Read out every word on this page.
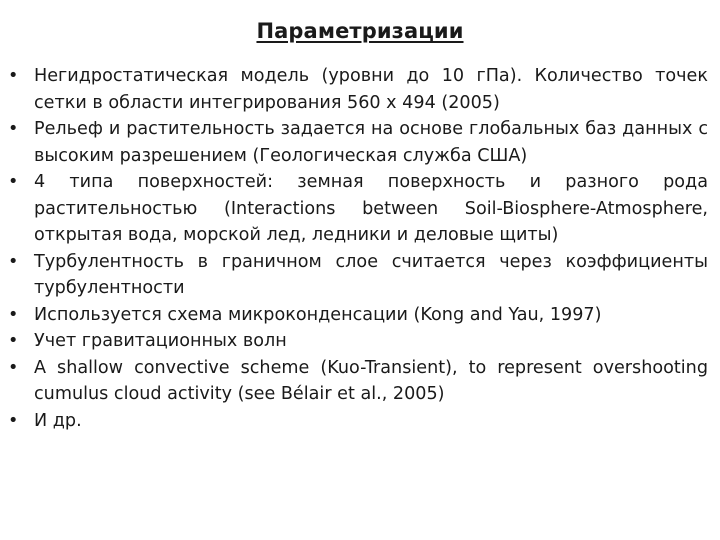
Параметризации
• Негидростатическая модель (уровни до 10 гПа). Количество точек сетки в области интегрирования 560 х 494 (2005)
• Рельеф и растительность задается на основе глобальных баз данных с высоким разрешением (Геологическая служба США)
• 4 типа поверхностей: земная поверхность и разного рода растительностью (Interactions between Soil-Biosphere-Atmosphere, открытая вода, морской лед, ледники и деловые щиты)
• Турбулентность в граничном слое считается через коэффициенты турбулентности
• Используется схема микроконденсации (Kong and Yau, 1997)
• Учет гравитационных волн
• A shallow convective scheme (Kuo-Transient), to represent overshooting cumulus cloud activity (see Bélair et al., 2005)
• И др.
